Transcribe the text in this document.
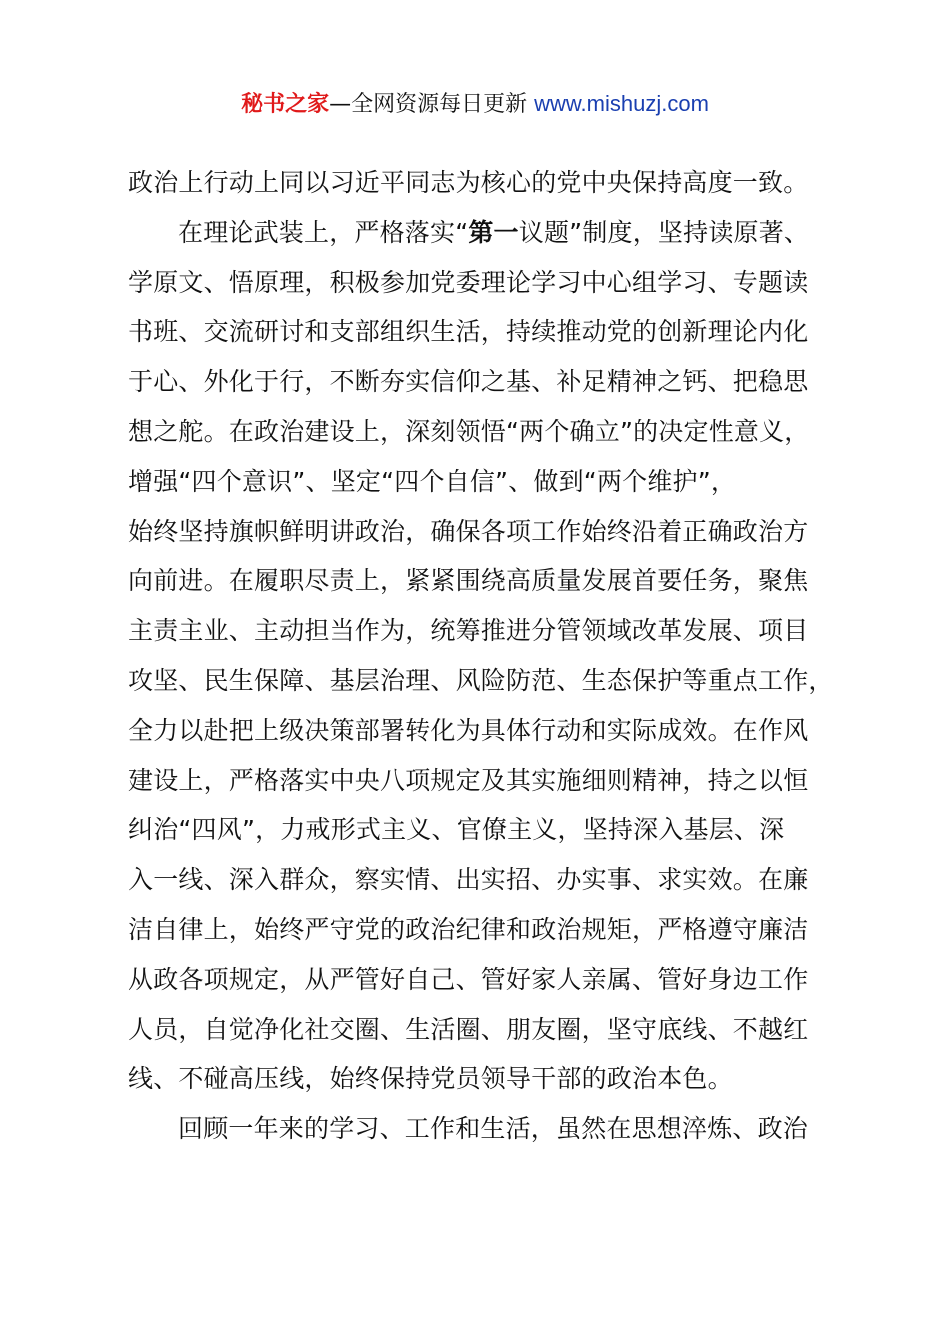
秘书之家—全网资源每日更新 www.mishuzj.com
政治上行动上同以习近平同志为核心的党中央保持高度一致。
在理论武装上，严格落实“第一议题”制度，坚持读原著、
学原文、悟原理，积极参加党委理论学习中心组学习、专题读
书班、交流研讨和支部组织生活，持续推动党的创新理论内化
于心、外化于行，不断夯实信仰之基、补足精神之钙、把稳思
想之舵。在政治建设上，深刻领悟“两个确立”的决定性意义，
增强“四个意识”、坚定“四个自信”、做到“两个维护”，
始终坚持旗帜鲜明讲政治，确保各项工作始终沿着正确政治方
向前进。在履职尽责上，紧紧围绕高质量发展首要任务，聚焦
主责主业、主动担当作为，统筹推进分管领域改革发展、项目
攻坚、民生保障、基层治理、风险防范、生态保护等重点工作，
全力以赴把上级决策部署转化为具体行动和实际成效。在作风
建设上，严格落实中央八项规定及其实施细则精神，持之以恒
纠治“四风”，力戒形式主义、官僚主义，坚持深入基层、深
入一线、深入群众，察实情、出实招、办实事、求实效。在廉
洁自律上，始终严守党的政治纪律和政治规矩，严格遵守廉洁
从政各项规定，从严管好自己、管好家人亲属、管好身边工作
人员，自觉净化社交圈、生活圈、朋友圈，坚守底线、不越红
线、不碰高压线，始终保持党员领导干部的政治本色。
回顾一年来的学习、工作和生活，虽然在思想淬炼、政治
